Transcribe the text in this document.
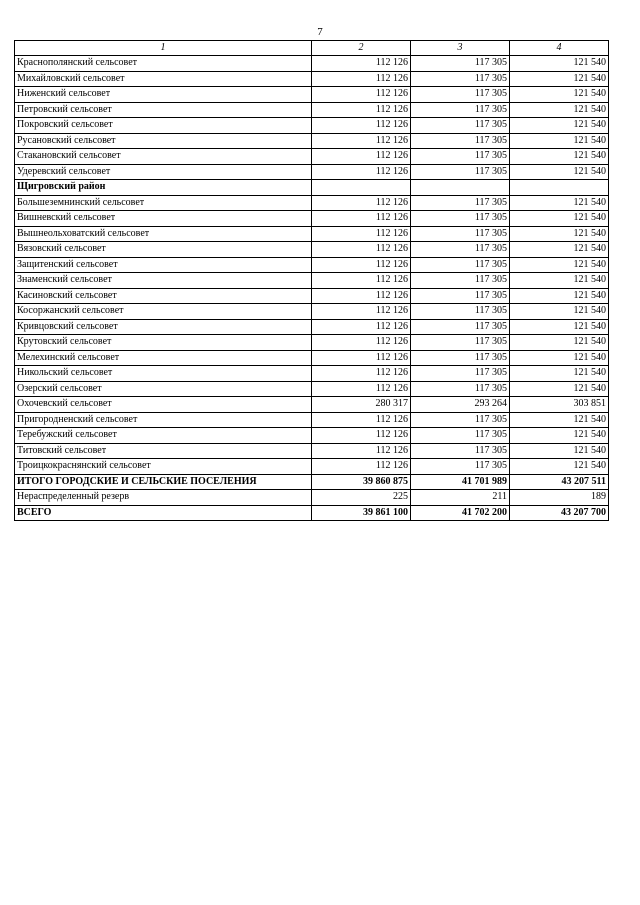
7
1	2	3	4
Краснополянский сельсовет	112 126	117 305	121 540
Михайловский сельсовет	112 126	117 305	121 540
Ниженский сельсовет	112 126	117 305	121 540
Петровский сельсовет	112 126	117 305	121 540
Покровский сельсовет	112 126	117 305	121 540
Русановский сельсовет	112 126	117 305	121 540
Стакановский сельсовет	112 126	117 305	121 540
Удеревский сельсовет	112 126	117 305	121 540
Щигровский район			
Большеземнинский сельсовет	112 126	117 305	121 540
Вишневский сельсовет	112 126	117 305	121 540
Вышнеольховатский сельсовет	112 126	117 305	121 540
Вязовский сельсовет	112 126	117 305	121 540
Защитенский сельсовет	112 126	117 305	121 540
Знаменский сельсовет	112 126	117 305	121 540
Касиновский сельсовет	112 126	117 305	121 540
Косоржанский сельсовет	112 126	117 305	121 540
Кривцовский сельсовет	112 126	117 305	121 540
Крутовский сельсовет	112 126	117 305	121 540
Мелехинский сельсовет	112 126	117 305	121 540
Никольский сельсовет	112 126	117 305	121 540
Озерский сельсовет	112 126	117 305	121 540
Охочевский сельсовет	280 317	293 264	303 851
Пригородненский сельсовет	112 126	117 305	121 540
Теребужский сельсовет	112 126	117 305	121 540
Титовский сельсовет	112 126	117 305	121 540
Троицкокраснянский сельсовет	112 126	117 305	121 540
ИТОГО ГОРОДСКИЕ И СЕЛЬСКИЕ ПОСЕЛЕНИЯ	39 860 875	41 701 989	43 207 511
Нераспределенный резерв	225	211	189
ВСЕГО	39 861 100	41 702 200	43 207 700
